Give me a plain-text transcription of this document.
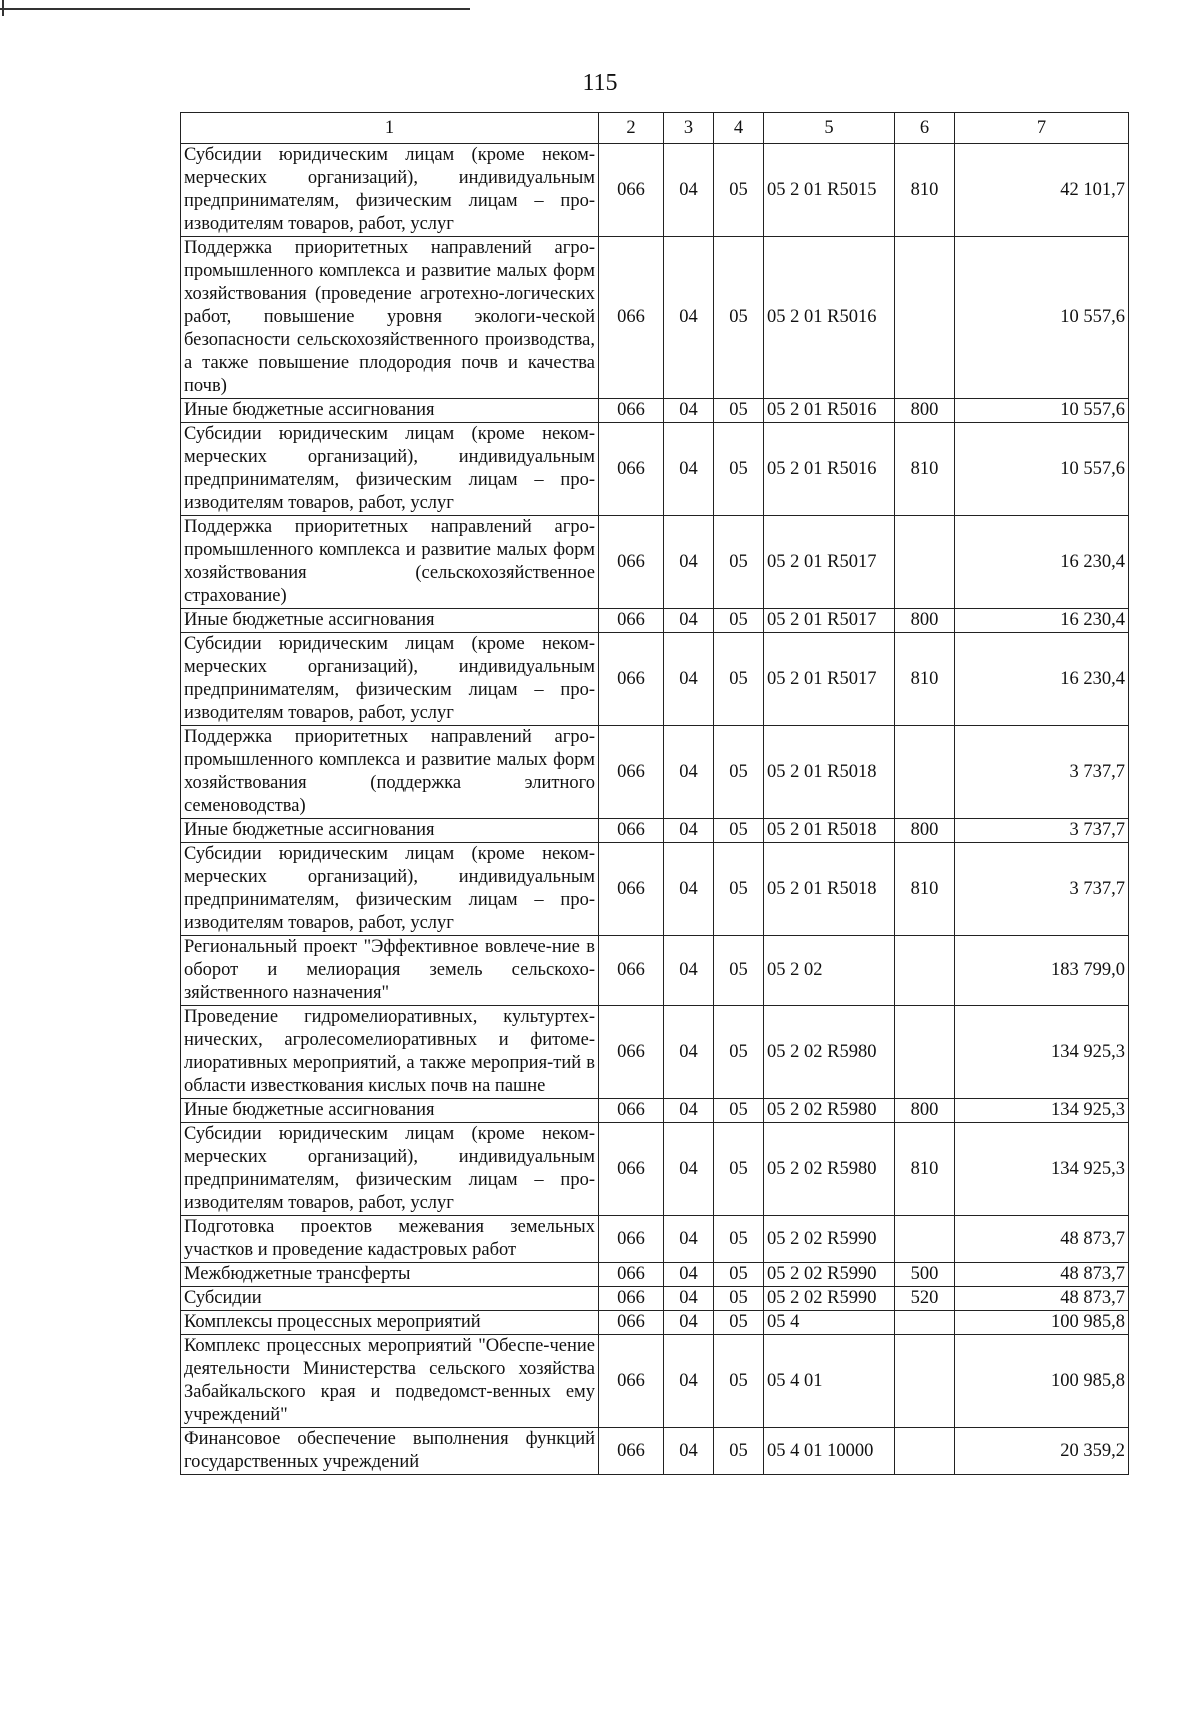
115
1	2	3	4	5	6	7
Субсидии юридическим лицам (кроме неком-мерческих организаций), индивидуальным предпринимателям, физическим лицам – про-изводителям товаров, работ, услуг	066	04	05	05 2 01 R5015	810	42 101,7
Поддержка приоритетных направлений агро-промышленного комплекса и развитие малых форм хозяйствования (проведение агротехно-логических работ, повышение уровня экологи-ческой безопасности сельскохозяйственного производства, а также повышение плодородия почв и качества почв)	066	04	05	05 2 01 R5016		10 557,6
Иные бюджетные ассигнования	066	04	05	05 2 01 R5016	800	10 557,6
Субсидии юридическим лицам (кроме неком-мерческих организаций), индивидуальным предпринимателям, физическим лицам – про-изводителям товаров, работ, услуг	066	04	05	05 2 01 R5016	810	10 557,6
Поддержка приоритетных направлений агро-промышленного комплекса и развитие малых форм хозяйствования (сельскохозяйственное страхование)	066	04	05	05 2 01 R5017		16 230,4
Иные бюджетные ассигнования	066	04	05	05 2 01 R5017	800	16 230,4
Субсидии юридическим лицам (кроме неком-мерческих организаций), индивидуальным предпринимателям, физическим лицам – про-изводителям товаров, работ, услуг	066	04	05	05 2 01 R5017	810	16 230,4
Поддержка приоритетных направлений агро-промышленного комплекса и развитие малых форм хозяйствования (поддержка элитного семеноводства)	066	04	05	05 2 01 R5018		3 737,7
Иные бюджетные ассигнования	066	04	05	05 2 01 R5018	800	3 737,7
Субсидии юридическим лицам (кроме неком-мерческих организаций), индивидуальным предпринимателям, физическим лицам – про-изводителям товаров, работ, услуг	066	04	05	05 2 01 R5018	810	3 737,7
Региональный проект "Эффективное вовлече-ние в оборот и мелиорация земель сельскохо-зяйственного назначения"	066	04	05	05 2 02		183 799,0
Проведение гидромелиоративных, культуртех-нических, агролесомелиоративных и фитоме-лиоративных мероприятий, а также мероприя-тий в области известкования кислых почв на пашне	066	04	05	05 2 02 R5980		134 925,3
Иные бюджетные ассигнования	066	04	05	05 2 02 R5980	800	134 925,3
Субсидии юридическим лицам (кроме неком-мерческих организаций), индивидуальным предпринимателям, физическим лицам – про-изводителям товаров, работ, услуг	066	04	05	05 2 02 R5980	810	134 925,3
Подготовка проектов межевания земельных участков и проведение кадастровых работ	066	04	05	05 2 02 R5990		48 873,7
Межбюджетные трансферты	066	04	05	05 2 02 R5990	500	48 873,7
Субсидии	066	04	05	05 2 02 R5990	520	48 873,7
Комплексы процессных мероприятий	066	04	05	05 4		100 985,8
Комплекс процессных мероприятий "Обеспе-чение деятельности Министерства сельского хозяйства Забайкальского края и подведомст-венных ему учреждений"	066	04	05	05 4 01		100 985,8
Финансовое обеспечение выполнения функций государственных учреждений	066	04	05	05 4 01 10000		20 359,2
